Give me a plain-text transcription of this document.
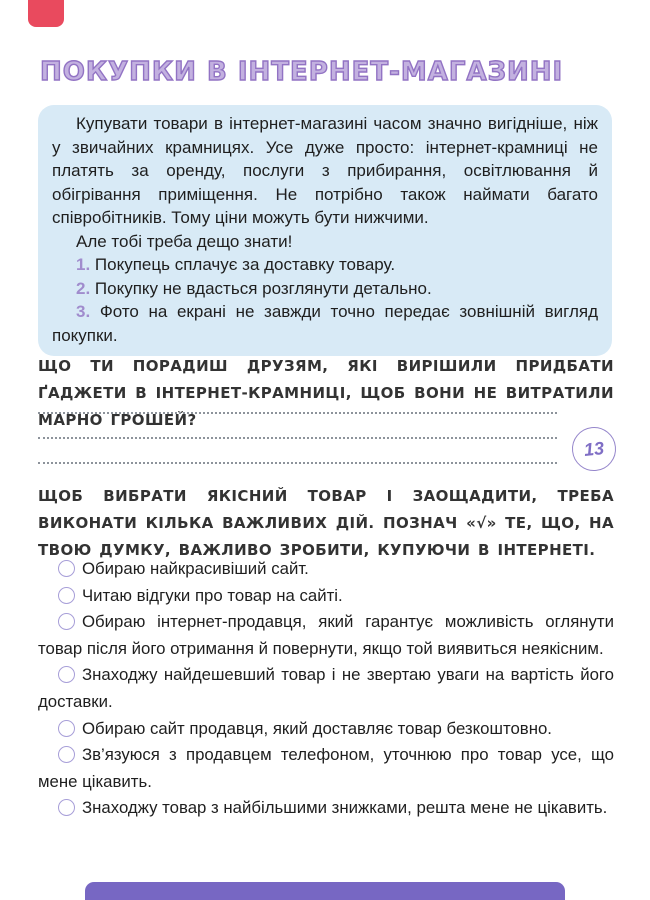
ПОКУПКИ В ІНТЕРНЕТ-МАГАЗИНІ

Купувати товари в інтернет-магазині часом значно вигідніше, ніж у звичайних крамницях. Усе дуже просто: інтернет-крамниці не платять за оренду, послуги з прибирання, освітлювання й обігрівання приміщення. Не потрібно також наймати багато співробітників. Тому ціни можуть бути нижчими.

Але тобі треба дещо знати!

1. Покупець сплачує за доставку товару.
2. Покупку не вдасться розглянути детально.
3. Фото на екрані не завжди точно передає зовнішній вигляд покупки.
ЩО ТИ ПОРАДИШ ДРУЗЯМ, ЯКІ ВИРІШИЛИ ПРИДБАТИ ҐАДЖЕТИ В ІНТЕРНЕТ-КРАМНИЦІ, ЩОБ ВОНИ НЕ ВИТРАТИЛИ МАРНО ГРОШЕЙ?
13
ЩОБ ВИБРАТИ ЯКІСНИЙ ТОВАР І ЗАОЩАДИТИ, ТРЕБА ВИКОНАТИ КІЛЬКА ВАЖЛИВИХ ДІЙ. ПОЗНАЧ «√» ТЕ, ЩО, НА ТВОЮ ДУМКУ, ВАЖЛИВО ЗРОБИТИ, КУПУЮЧИ В ІНТЕРНЕТІ.
Обираю найкрасивіший сайт.
Читаю відгуки про товар на сайті.
Обираю інтернет-продавця, який гарантує можливість оглянути товар після його отримання й повернути, якщо той виявиться неякісним.
Знаходжу найдешевший товар і не звертаю уваги на вартість його доставки.
Обираю сайт продавця, який доставляє товар безкоштовно.
Зв’язуюся з продавцем телефоном, уточнюю про товар усе, що мене цікавить.
Знаходжу товар з найбільшими знижками, решта мене не цікавить.
